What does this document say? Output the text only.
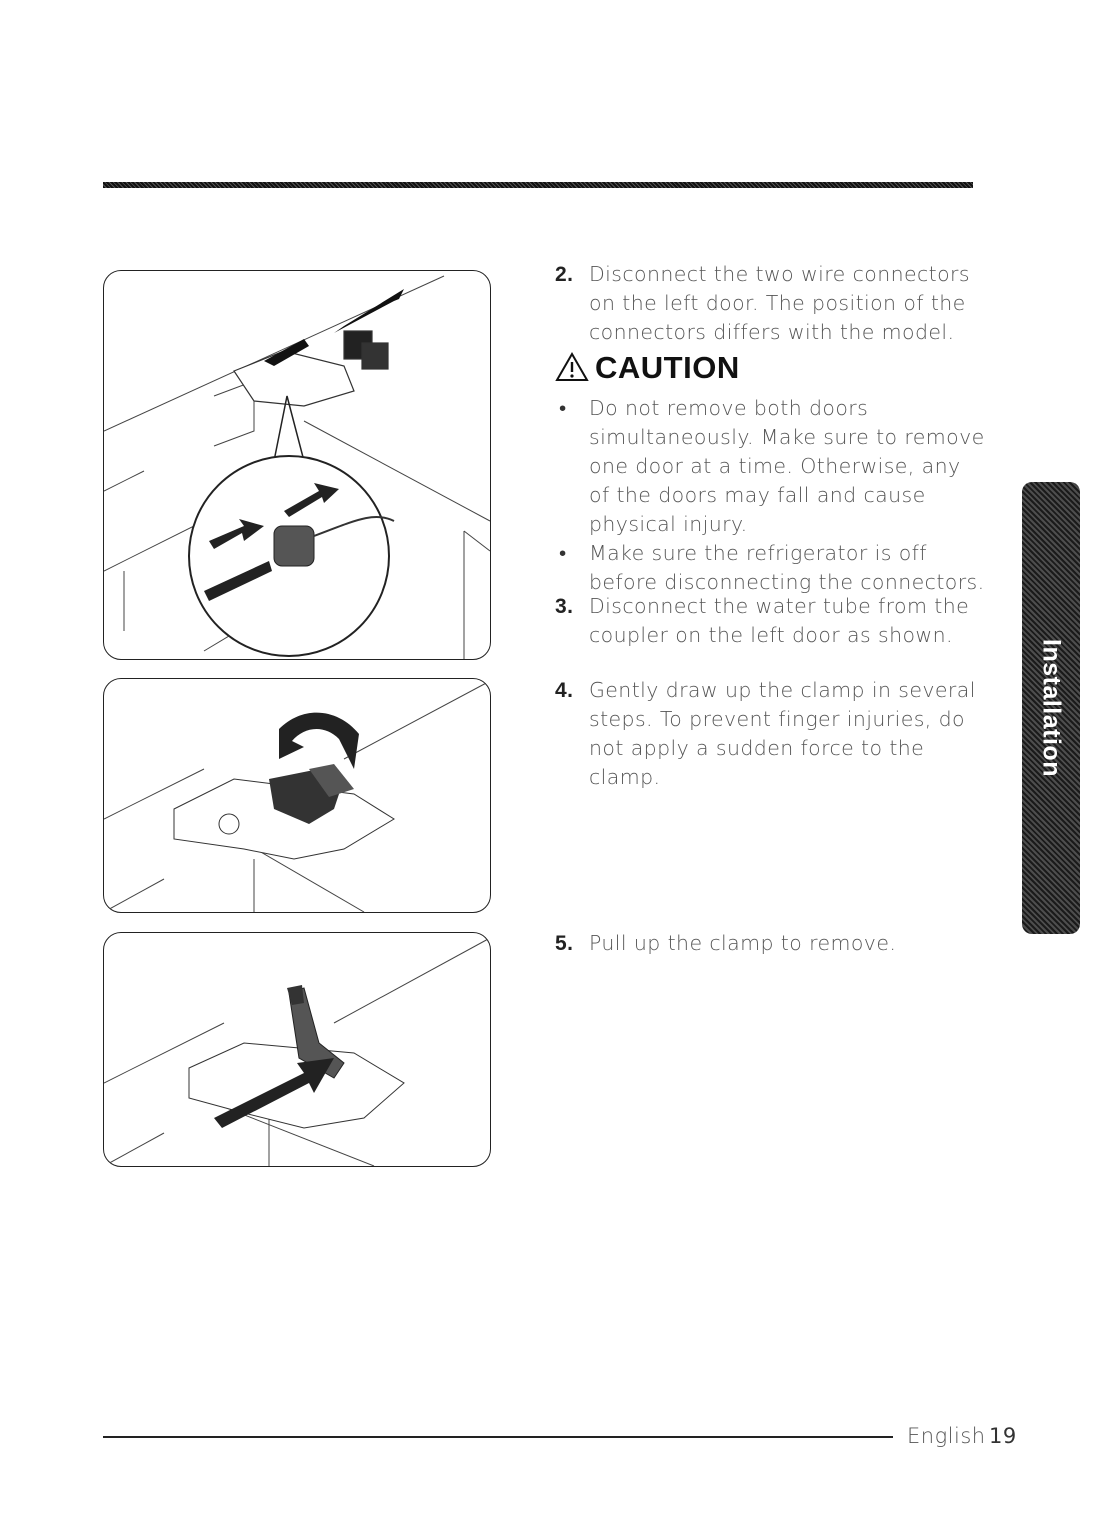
2. Disconnect the two wire connectors on the left door. The position of the connectors differs with the model.
CAUTION
• Do not remove both doors simultaneously. Make sure to remove one door at a time. Otherwise, any of the doors may fall and cause physical injury.
• Make sure the refrigerator is off before disconnecting the connectors.
3. Disconnect the water tube from the coupler on the left door as shown.
4. Gently draw up the clamp in several steps. To prevent finger injuries, do not apply a sudden force to the clamp.
5. Pull up the clamp to remove.
Installation
English 19
